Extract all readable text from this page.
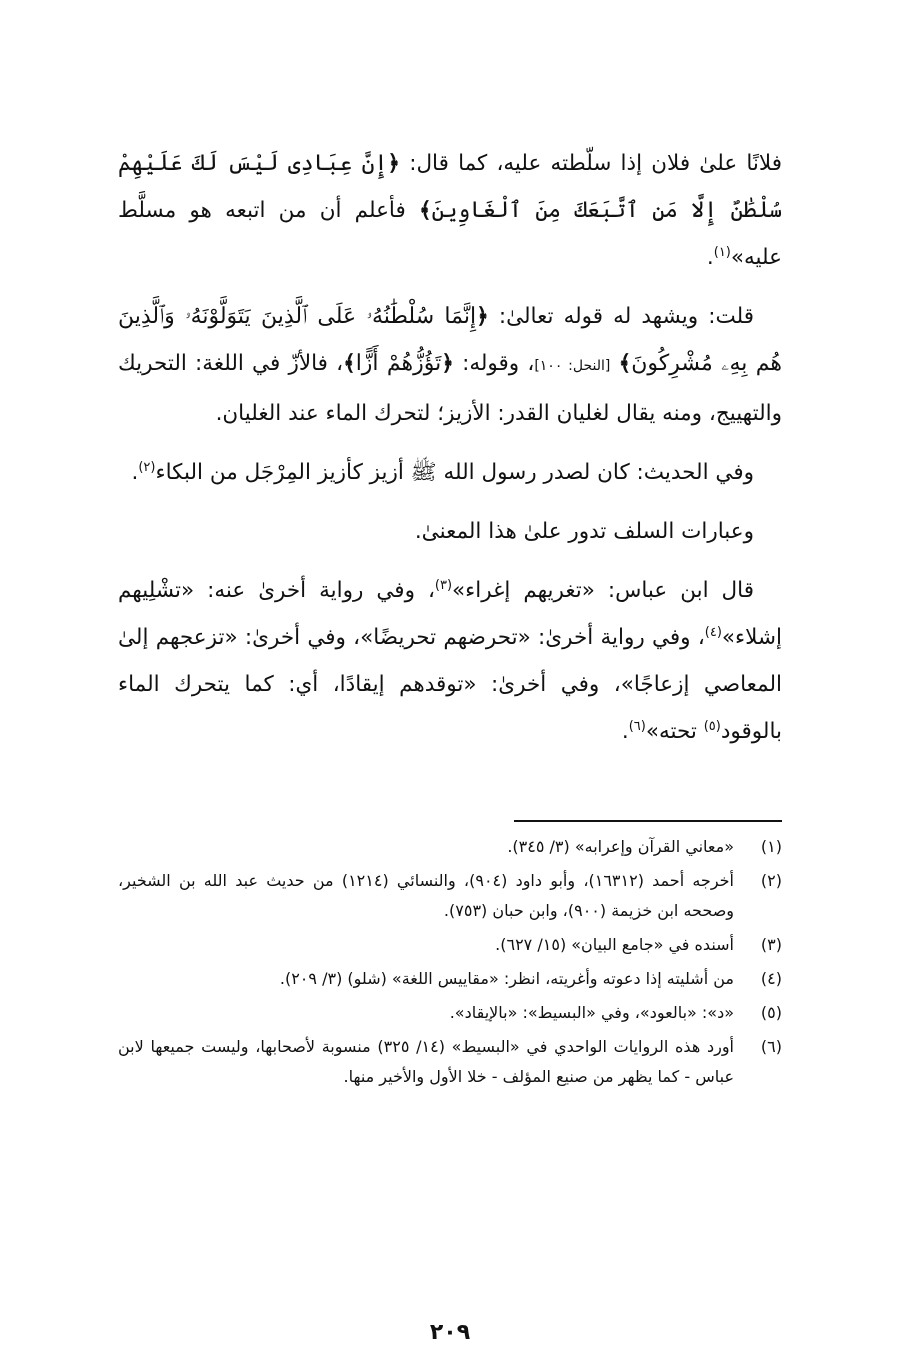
فلانًا علىٰ فلان إذا سلّطته عليه، كما قال: ﴿إِنَّ عِبَادِى لَيْسَ لَكَ عَلَيْهِمْ سُلْطَٰنٌ إِلَّا مَنِ ٱتَّبَعَكَ مِنَ ٱلْغَاوِينَ﴾ فأعلم أن من اتبعه هو مسلَّط عليه»$^{(١)}$.

قلت: ويشهد له قوله تعالىٰ: ﴿إِنَّمَا سُلْطَٰنُهُۥ عَلَى ٱلَّذِينَ يَتَوَلَّوْنَهُۥ وَٱلَّذِينَ هُم بِهِۦ مُشْرِكُونَ﴾ [النحل: ١٠٠]، وقوله: ﴿تَؤُزُّهُمْ أَزًّا﴾، فالأزّ في اللغة: التحريك والتهييج، ومنه يقال لغليان القدر: الأزيز؛ لتحرك الماء عند الغليان.

وفي الحديث: كان لصدر رسول الله ﷺ أزيز كأزيز المِرْجَل من البكاء$^{(٢)}$.

وعبارات السلف تدور علىٰ هذا المعنىٰ.

قال ابن عباس: «تغريهم إغراء»$^{(٣)}$، وفي رواية أخرىٰ عنه: «تشْلِيهم إشلاء»$^{(٤)}$، وفي رواية أخرىٰ: «تحرضهم تحريضًا»، وفي أخرىٰ: «تزعجهم إلىٰ المعاصي إزعاجًا»، وفي أخرىٰ: «توقدهم إيقادًا، أي: كما يتحرك الماء بالوقود$^{(٥)}$ تحته»$^{(٦)}$.

(١)
«معاني القرآن وإعرابه» (٣/ ٣٤٥).
(٢)
أخرجه أحمد (١٦٣١٢)، وأبو داود (٩٠٤)، والنسائي (١٢١٤) من حديث عبد الله بن الشخير، وصححه ابن خزيمة (٩٠٠)، وابن حبان (٧٥٣).
(٣)
أسنده في «جامع البيان» (١٥/ ٦٢٧).
(٤)
من أشليته إذا دعوته وأغريته، انظر: «مقاييس اللغة» (شلو) (٣/ ٢٠٩).
(٥)
«د»: «بالعود»، وفي «البسيط»: «بالإيقاد».
(٦)
أورد هذه الروايات الواحدي في «البسيط» (١٤/ ٣٢٥) منسوبة لأصحابها، وليست جميعها لابن عباس - كما يظهر من صنيع المؤلف - خلا الأول والأخير منها.
٢٠٩
